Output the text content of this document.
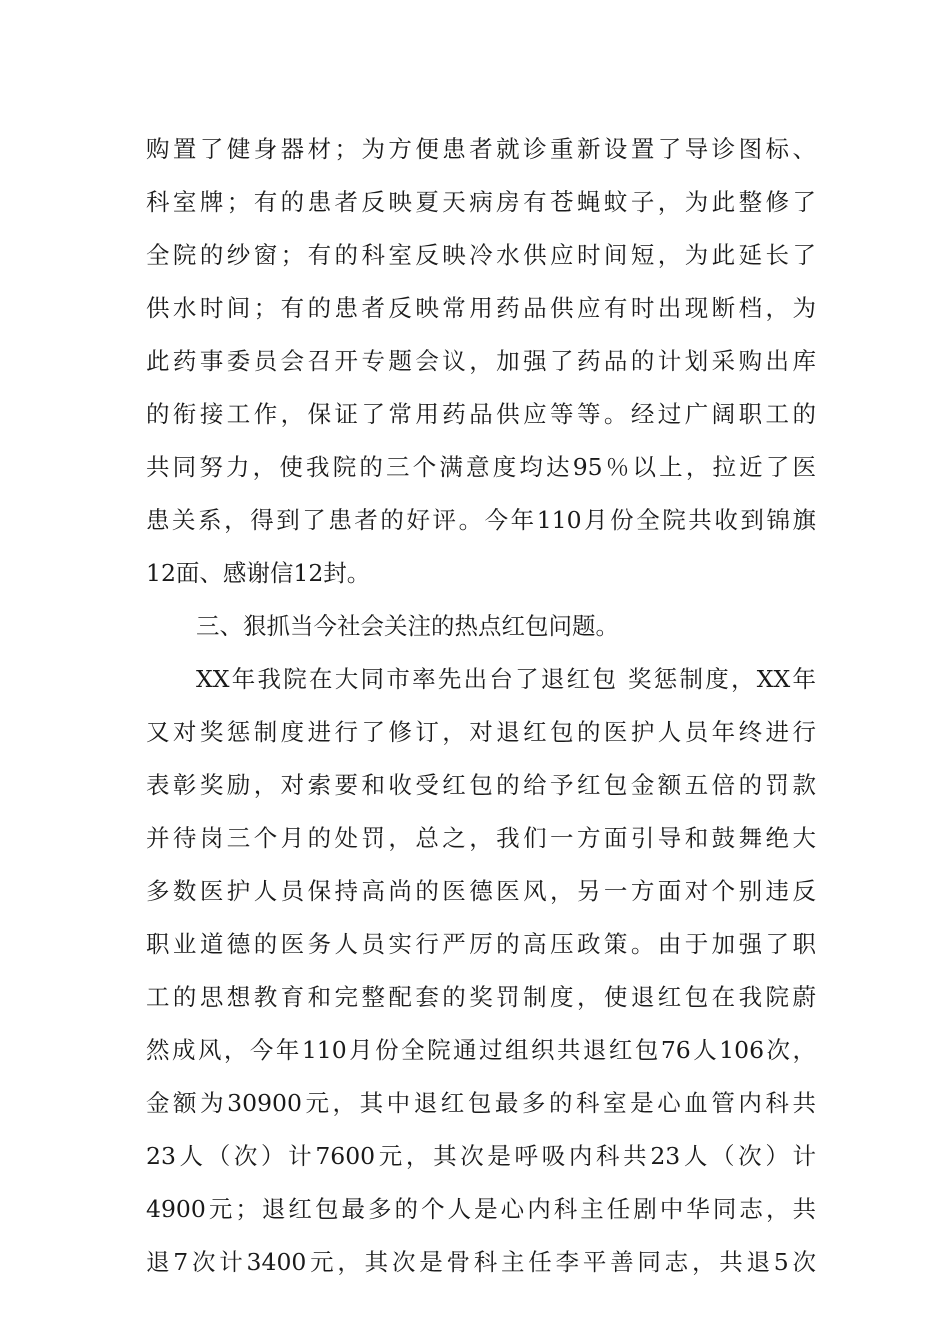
购置了健身器材；为方便患者就诊重新设置了导诊图标、
科室牌；有的患者反映夏天病房有苍蝇蚊子，为此整修了
全院的纱窗；有的科室反映冷水供应时间短，为此延长了
供水时间；有的患者反映常用药品供应有时出现断档，为
此药事委员会召开专题会议，加强了药品的计划采购出库
的衔接工作，保证了常用药品供应等等。经过广阔职工的
共同努力，使我院的三个满意度均达95％以上，拉近了医
患关系，得到了患者的好评。今年110月份全院共收到锦旗
12面、感谢信12封。
三、狠抓当今社会关注的热点红包问题。
XX年我院在大同市率先出台了退红包 奖惩制度，XX年
又对奖惩制度进行了修订，对退红包的医护人员年终进行
表彰奖励，对索要和收受红包的给予红包金额五倍的罚款
并待岗三个月的处罚，总之，我们一方面引导和鼓舞绝大
多数医护人员保持高尚的医德医风，另一方面对个别违反
职业道德的医务人员实行严厉的高压政策。由于加强了职
工的思想教育和完整配套的奖罚制度，使退红包在我院蔚
然成风，今年110月份全院通过组织共退红包76人106次，
金额为30900元，其中退红包最多的科室是心血管内科共
23人（次）计7600元，其次是呼吸内科共23人（次）计
4900元；退红包最多的个人是心内科主任剧中华同志，共
退7次计3400元，其次是骨科主任李平善同志，共退5次
